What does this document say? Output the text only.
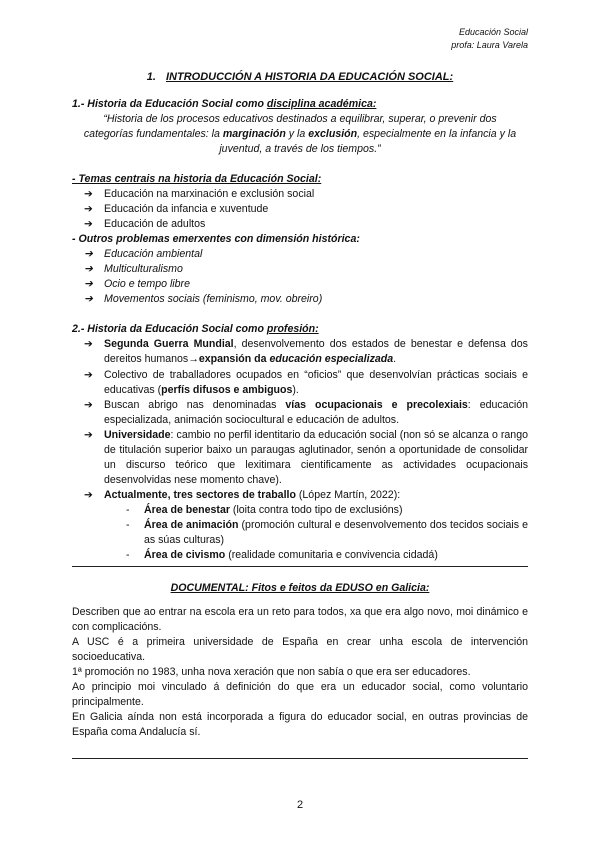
Educación Social
profa: Laura Varela
1. INTRODUCCIÓN A HISTORIA DA EDUCACIÓN SOCIAL:

1.- Historia da Educación Social como disciplina académica:

“Historia de los procesos educativos destinados a equilibrar, superar, o prevenir dos categorías fundamentales: la marginación y la exclusión, especialmente en la infancia y la juventud, a través de los tiempos.”

- Temas centrais na historia da Educación Social:

➔ Educación na marxinación e exclusión social
➔ Educación da infancia e xuventude
➔ Educación de adultos

- Outros problemas emerxentes con dimensión histórica:

➔ Educación ambiental
➔ Multiculturalismo
➔ Ocio e tempo libre
➔ Movementos sociais (feminismo, mov. obreiro)

2.- Historia da Educación Social como profesión:

➔ Segunda Guerra Mundial, desenvolvemento dos estados de benestar e defensa dos dereitos humanos→expansión da educación especializada.
➔ Colectivo de traballadores ocupados en “oficios” que desenvolvían prácticas sociais e educativas (perfís difusos e ambiguos).
➔ Buscan abrigo nas denominadas vías ocupacionais e precolexiais: educación especializada, animación sociocultural e educación de adultos.
➔ Universidade: cambio no perfil identitario da educación social (non só se alcanza o rango de titulación superior baixo un paraugas aglutinador, senón a oportunidade de consolidar un discurso teórico que lexitimara cientificamente as actividades ocupacionais desenvolvidas nese momento chave).
➔ Actualmente, tres sectores de traballo (López Martín, 2022):
- Área de benestar (loita contra todo tipo de exclusións)
- Área de animación (promoción cultural e desenvolvemento dos tecidos sociais e as súas culturas)
- Área de civismo (realidade comunitaria e convivencia cidadá)
DOCUMENTAL: Fitos e feitos da EDUSO en Galicia:

Describen que ao entrar na escola era un reto para todos, xa que era algo novo, moi dinámico e con complicacións.

A USC é a primeira universidade de España en crear unha escola de intervención socioeducativa.

1ª promoción no 1983, unha nova xeración que non sabía o que era ser educadores.

Ao principio moi vinculado á definición do que era un educador social, como voluntario principalmente.

En Galicia aínda non está incorporada a figura do educador social, en outras provincias de España coma Andalucía sí.

2
